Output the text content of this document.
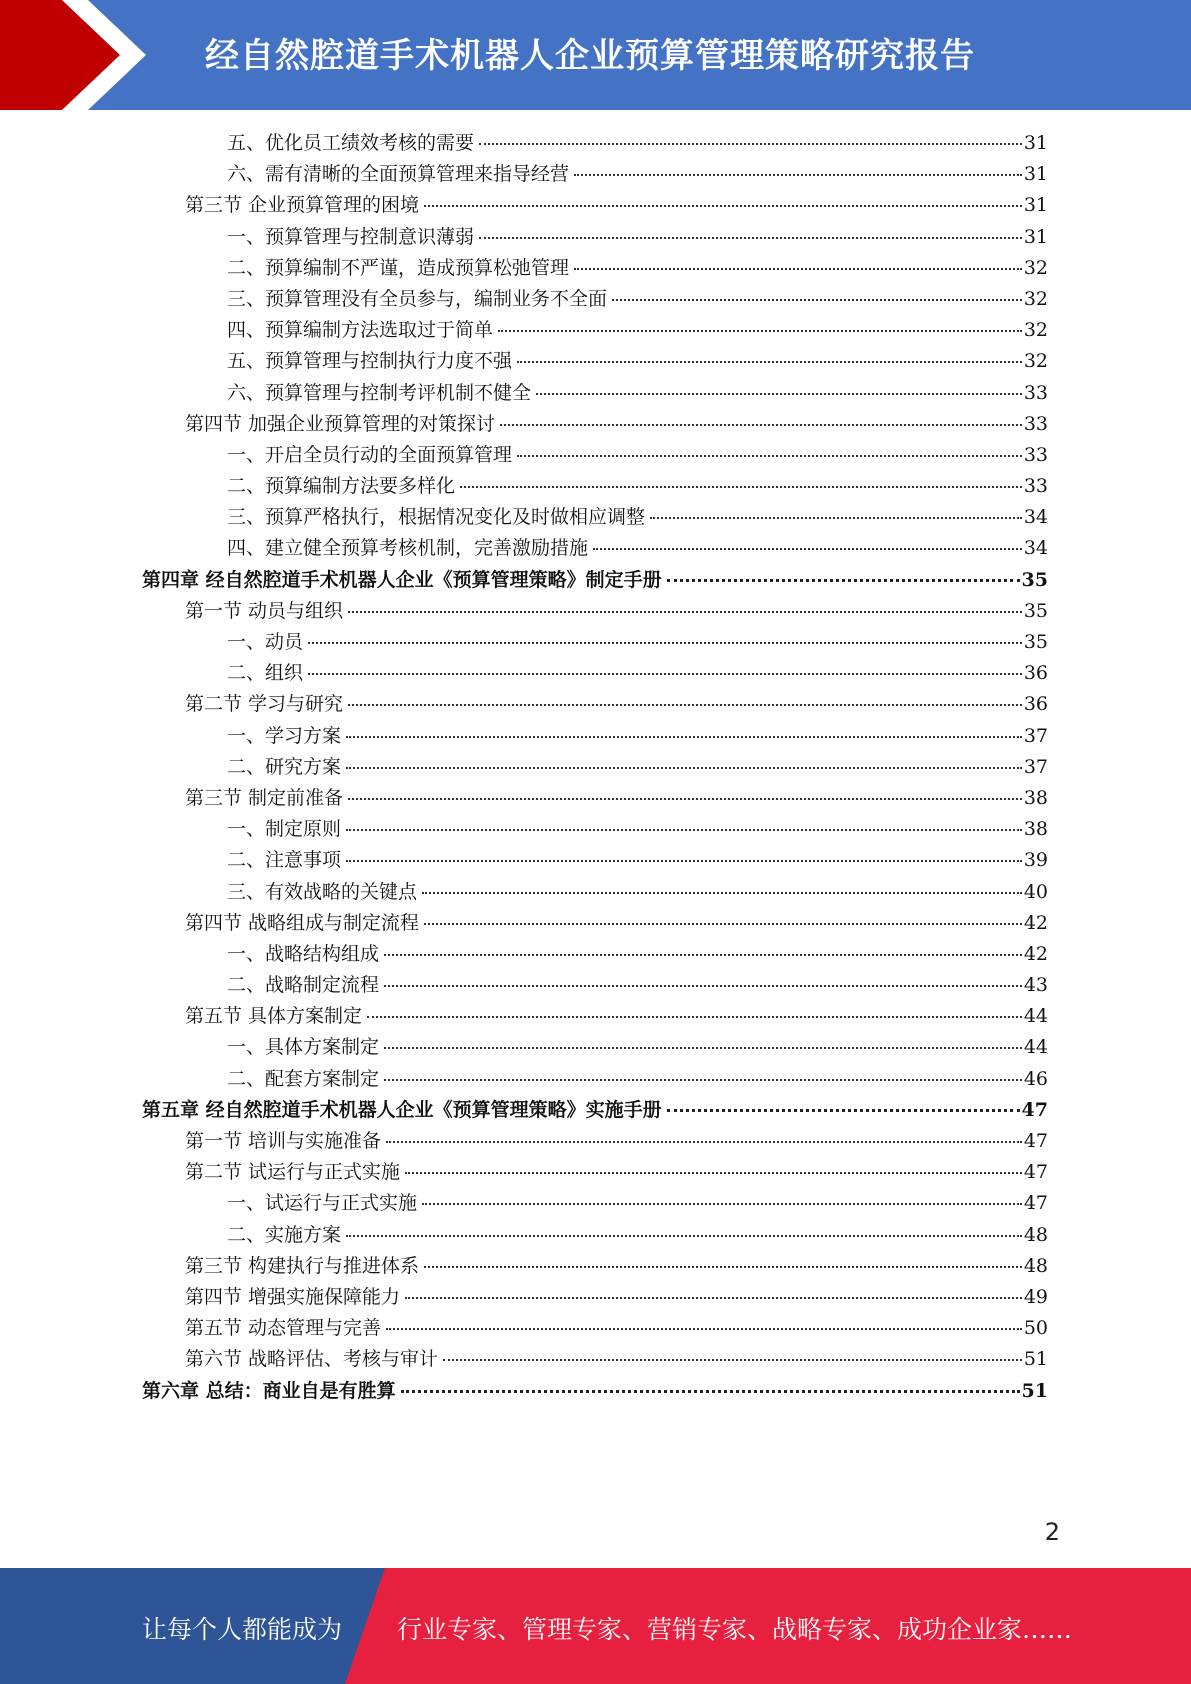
经自然腔道手术机器人企业预算管理策略研究报告
五、优化员工绩效考核的需要	31
六、需有清晰的全面预算管理来指导经营	31
第三节 企业预算管理的困境	31
一、预算管理与控制意识薄弱	31
二、预算编制不严谨，造成预算松弛管理	32
三、预算管理没有全员参与，编制业务不全面	32
四、预算编制方法选取过于简单	32
五、预算管理与控制执行力度不强	32
六、预算管理与控制考评机制不健全	33
第四节 加强企业预算管理的对策探讨	33
一、开启全员行动的全面预算管理	33
二、预算编制方法要多样化	33
三、预算严格执行，根据情况变化及时做相应调整	34
四、建立健全预算考核机制，完善激励措施	34
第四章 经自然腔道手术机器人企业《预算管理策略》制定手册	35
第一节 动员与组织	35
一、动员	35
二、组织	36
第二节 学习与研究	36
一、学习方案	37
二、研究方案	37
第三节 制定前准备	38
一、制定原则	38
二、注意事项	39
三、有效战略的关键点	40
第四节 战略组成与制定流程	42
一、战略结构组成	42
二、战略制定流程	43
第五节 具体方案制定	44
一、具体方案制定	44
二、配套方案制定	46
第五章 经自然腔道手术机器人企业《预算管理策略》实施手册	47
第一节 培训与实施准备	47
第二节 试运行与正式实施	47
一、试运行与正式实施	47
二、实施方案	48
第三节 构建执行与推进体系	48
第四节 增强实施保障能力	49
第五节 动态管理与完善	50
第六节 战略评估、考核与审计	51
第六章 总结：商业自是有胜算	51
2
让每个人都能成为 行业专家、管理专家、营销专家、战略专家、成功企业家……
